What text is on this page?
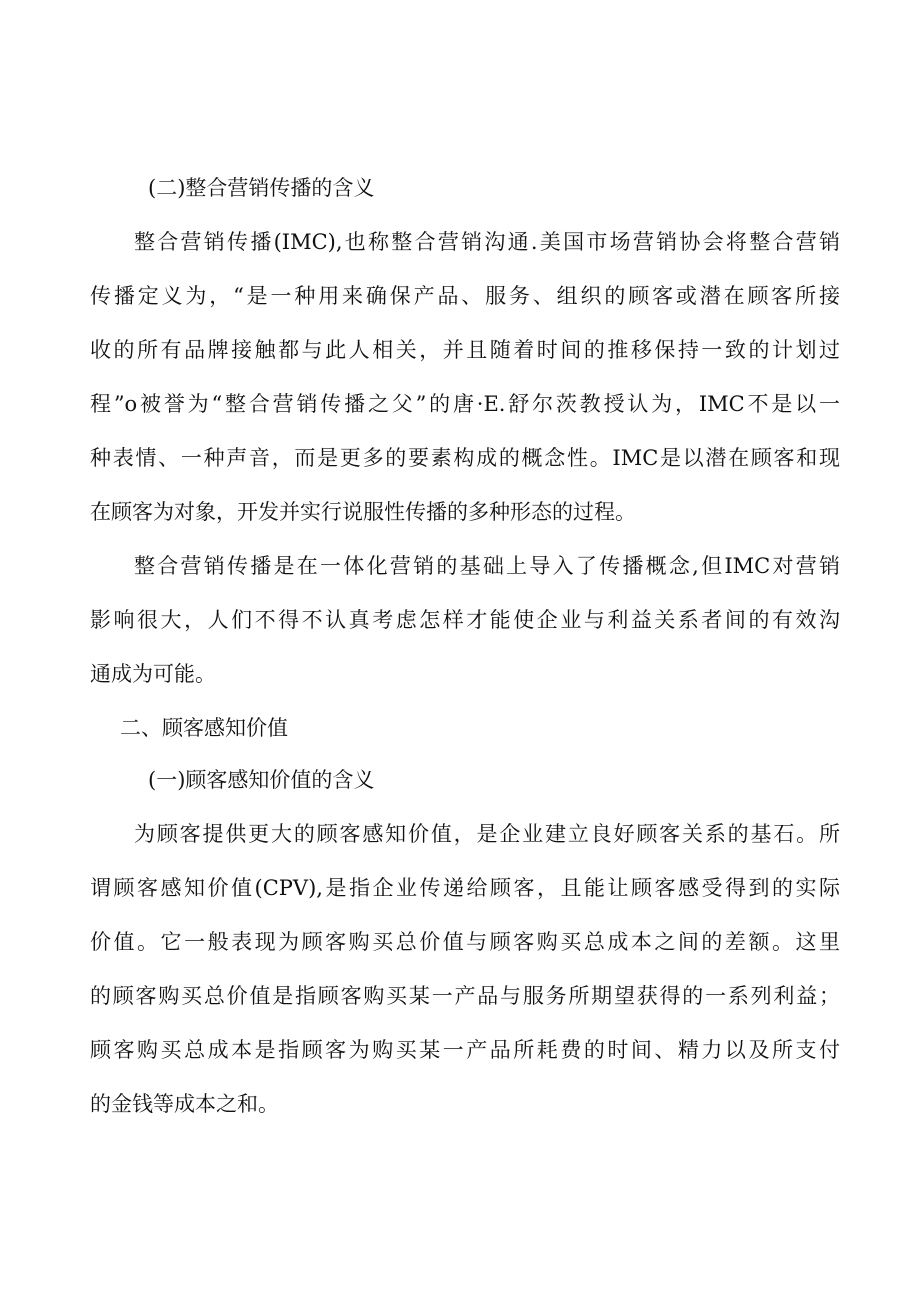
(二)整合营销传播的含义
整合营销传播(IMC),也称整合营销沟通.美国市场营销协会将整合营销
传播定义为，“是一种用来确保产品、服务、组织的顾客或潜在顾客所接
收的所有品牌接触都与此人相关，并且随着时间的推移保持一致的计划过
程”o被誉为“整合营销传播之父”的唐·E.舒尔茨教授认为，IMC不是以一
种表情、一种声音，而是更多的要素构成的概念性。IMC是以潜在顾客和现
在顾客为对象，开发并实行说服性传播的多种形态的过程。
整合营销传播是在一体化营销的基础上导入了传播概念,但IMC对营销
影响很大，人们不得不认真考虑怎样才能使企业与利益关系者间的有效沟
通成为可能。
二、顾客感知价值
(一)顾客感知价值的含义
为顾客提供更大的顾客感知价值，是企业建立良好顾客关系的基石。所
谓顾客感知价值(CPV),是指企业传递给顾客，且能让顾客感受得到的实际
价值。它一般表现为顾客购买总价值与顾客购买总成本之间的差额。这里
的顾客购买总价值是指顾客购买某一产品与服务所期望获得的一系列利益；
顾客购买总成本是指顾客为购买某一产品所耗费的时间、精力以及所支付
的金钱等成本之和。
